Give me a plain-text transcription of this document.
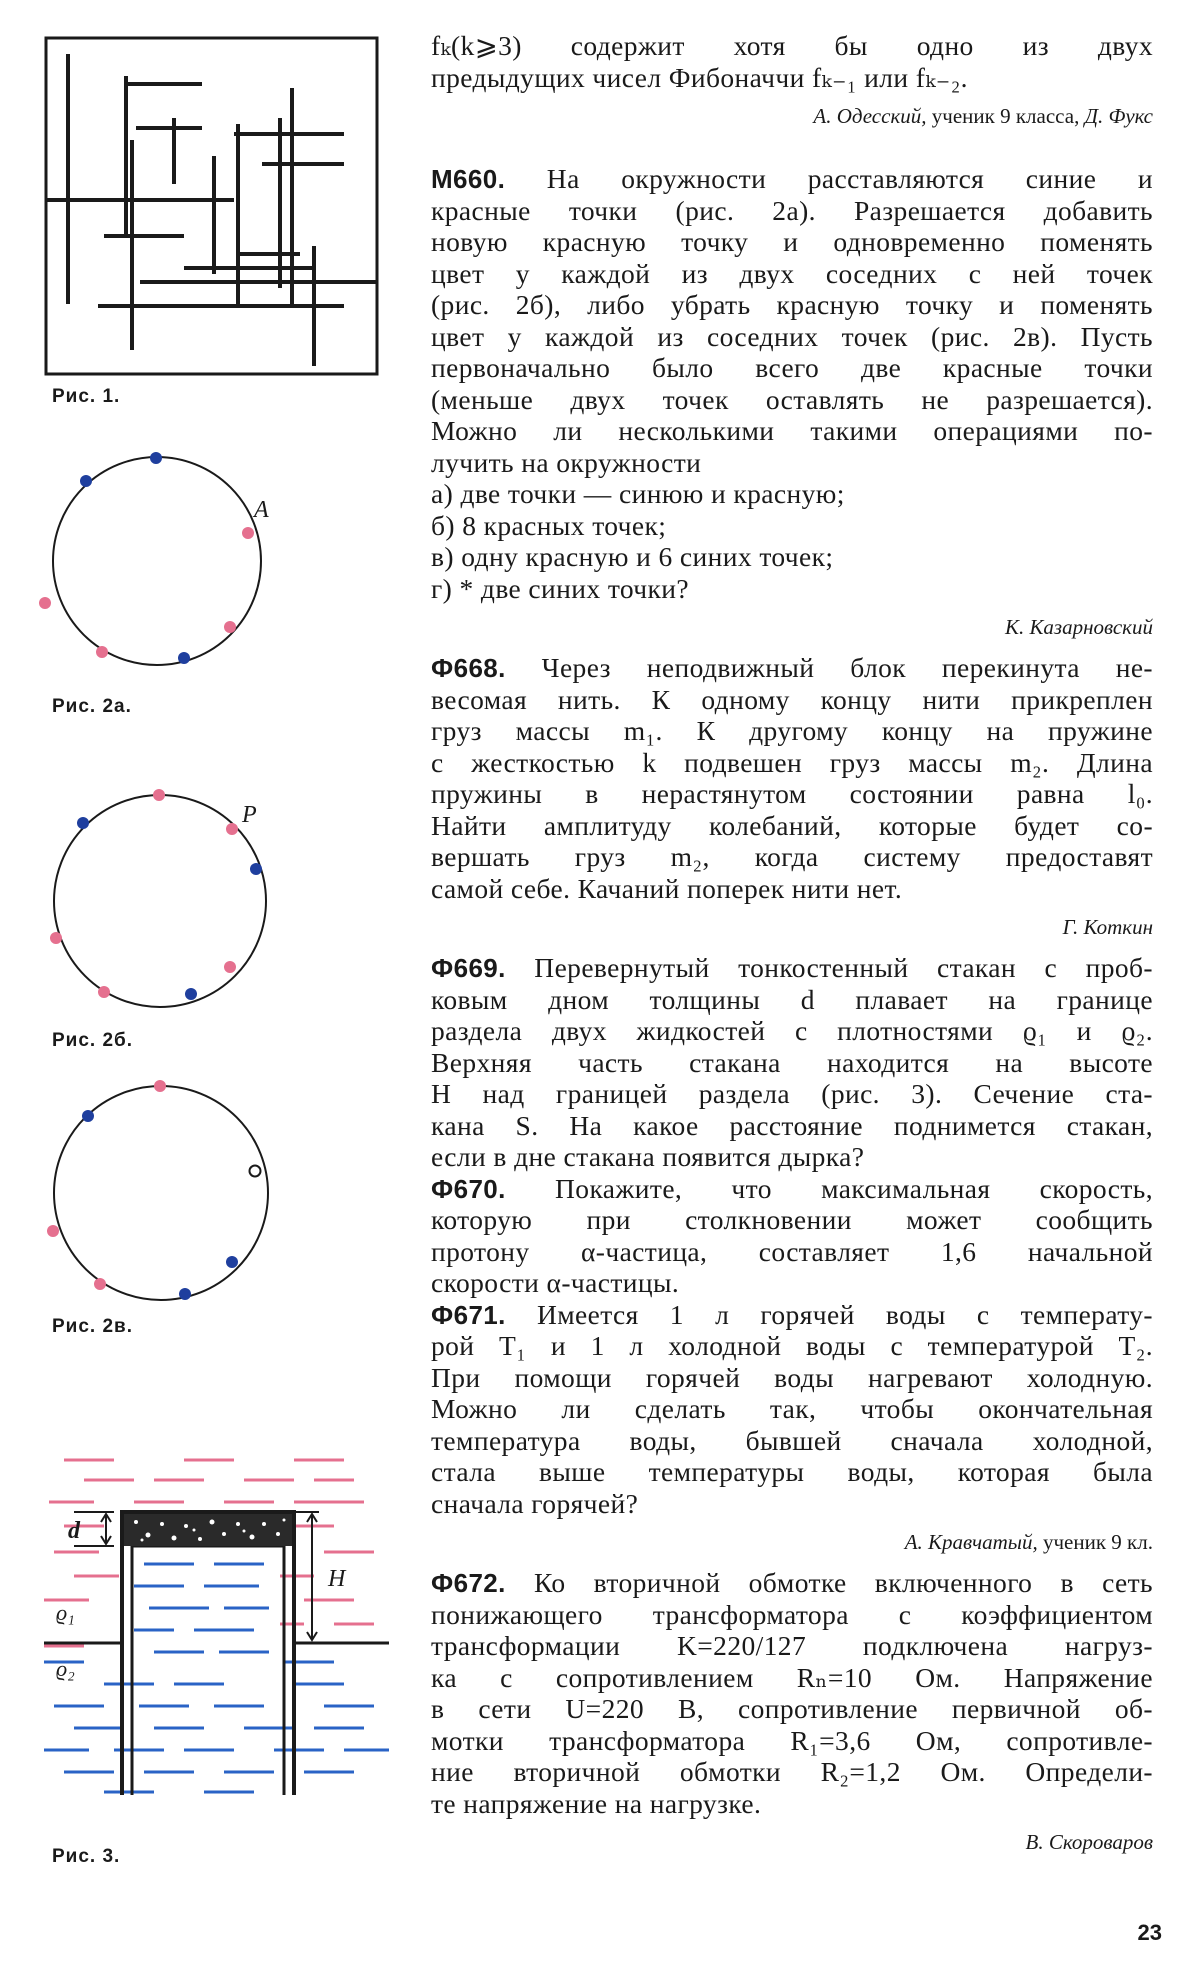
Рис. 1.
A
Рис. 2а.
P
Рис. 2б.
Рис. 2в.
d
H
ϱ₁
ϱ₂
Рис. 3.
fₖ(k⩾3) содержит хотя бы одно из двух
предыдущих чисел Фибоначчи fₖ₋₁ или fₖ₋₂.
А. Одесский, ученик 9 класса, Д. Фукс
М660. На окружности расставляются синие и
красные точки (рис. 2а). Разрешается добавить
новую красную точку и одновременно поменять
цвет у каждой из двух соседних с ней точек
(рис. 2б), либо убрать красную точку и поменять
цвет у каждой из соседних точек (рис. 2в). Пусть
первоначально было всего две красные точки
(меньше двух точек оставлять не разрешается).
Можно ли несколькими такими операциями по-
лучить на окружности
а) две точки — синюю и красную;
б) 8 красных точек;
в) одну красную и 6 синих точек;
г) * две синих точки?
К. Казарновский
Ф668. Через неподвижный блок перекинута не-
весомая нить. К одному концу нити прикреплен
груз массы m₁. К другому концу на пружине
с жесткостью k подвешен груз массы m₂. Длина
пружины в нерастянутом состоянии равна l₀.
Найти амплитуду колебаний, которые будет со-
вершать груз m₂, когда систему предоставят
самой себе. Качаний поперек нити нет.
Г. Коткин
Ф669. Перевернутый тонкостенный стакан с проб-
ковым дном толщины d плавает на границе
раздела двух жидкостей с плотностями ϱ₁ и ϱ₂.
Верхняя часть стакана находится на высоте
H над границей раздела (рис. 3). Сечение ста-
кана S. На какое расстояние поднимется стакан,
если в дне стакана появится дырка?
Ф670. Покажите, что максимальная скорость,
которую при столкновении может сообщить
протону α-частица, составляет 1,6 начальной
скорости α-частицы.
Ф671. Имеется 1 л горячей воды с температу-
рой T₁ и 1 л холодной воды с температурой T₂.
При помощи горячей воды нагревают холодную.
Можно ли сделать так, чтобы окончательная
температура воды, бывшей сначала холодной,
стала выше температуры воды, которая была
сначала горячей?
А. Кравчатый, ученик 9 кл.
Ф672. Ко вторичной обмотке включенного в сеть
понижающего трансформатора с коэффициентом
трансформации K=220/127 подключена нагруз-
ка с сопротивлением Rₙ=10 Ом. Напряжение
в сети U=220 В, сопротивление первичной об-
мотки трансформатора R₁=3,6 Ом, сопротивле-
ние вторичной обмотки R₂=1,2 Ом. Определи-
те напряжение на нагрузке.
В. Скороваров
23
